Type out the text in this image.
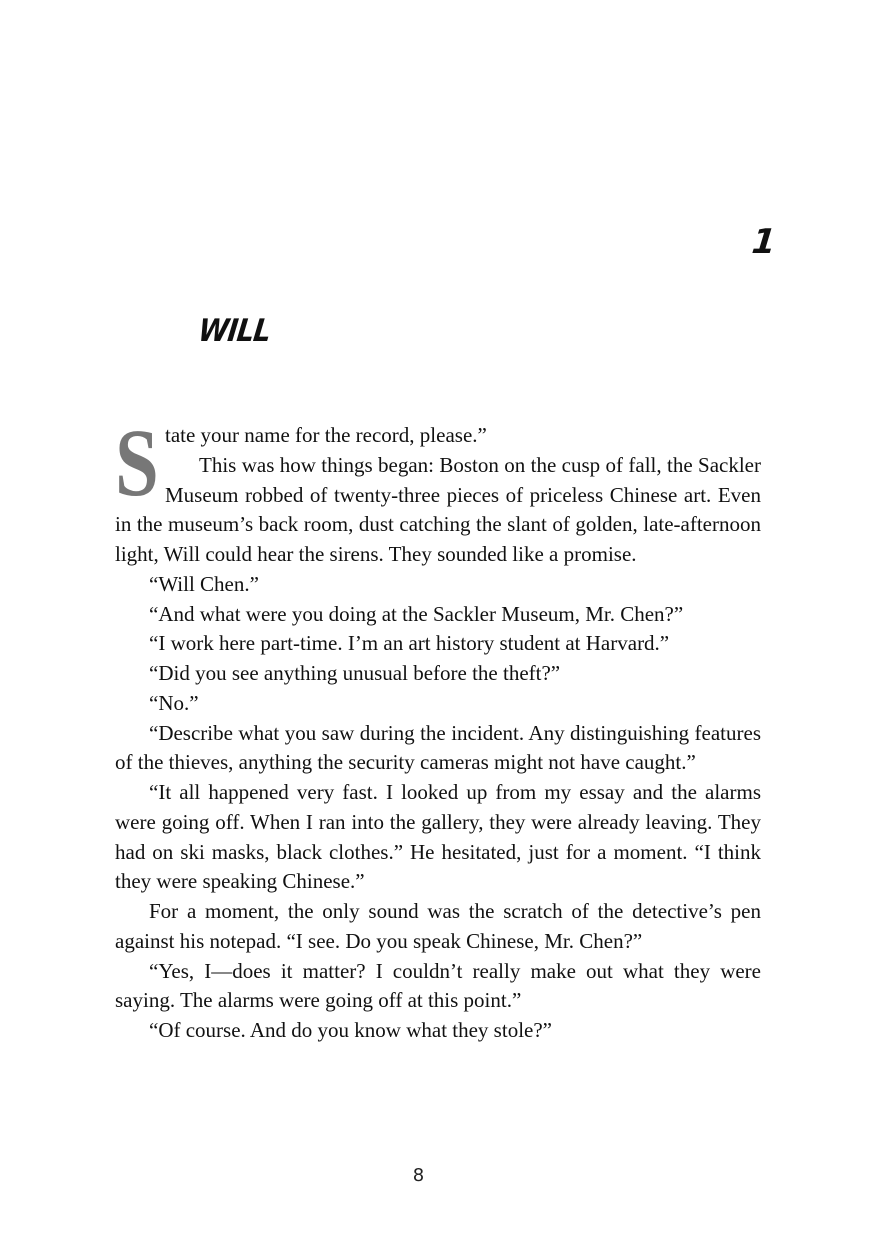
1
WILL
S tate your name for the record, please.”

This was how things began: Boston on the cusp of fall, the Sackler Museum robbed of twenty-three pieces of priceless Chinese art. Even in the museum’s back room, dust catching the slant of golden, late-afternoon light, Will could hear the sirens. They sounded like a promise.

“Will Chen.”

“And what were you doing at the Sackler Museum, Mr. Chen?”

“I work here part-time. I’m an art history student at Harvard.”

“Did you see anything unusual before the theft?”

“No.”

“Describe what you saw during the incident. Any distinguishing features of the thieves, anything the security cameras might not have caught.”

“It all happened very fast. I looked up from my essay and the alarms were going off. When I ran into the gallery, they were already leaving. They had on ski masks, black clothes.” He hesitated, just for a moment. “I think they were speaking Chinese.”

For a moment, the only sound was the scratch of the detective’s pen against his notepad. “I see. Do you speak Chinese, Mr. Chen?”

“Yes, I—does it matter? I couldn’t really make out what they were saying. The alarms were going off at this point.”

“Of course. And do you know what they stole?”

8
